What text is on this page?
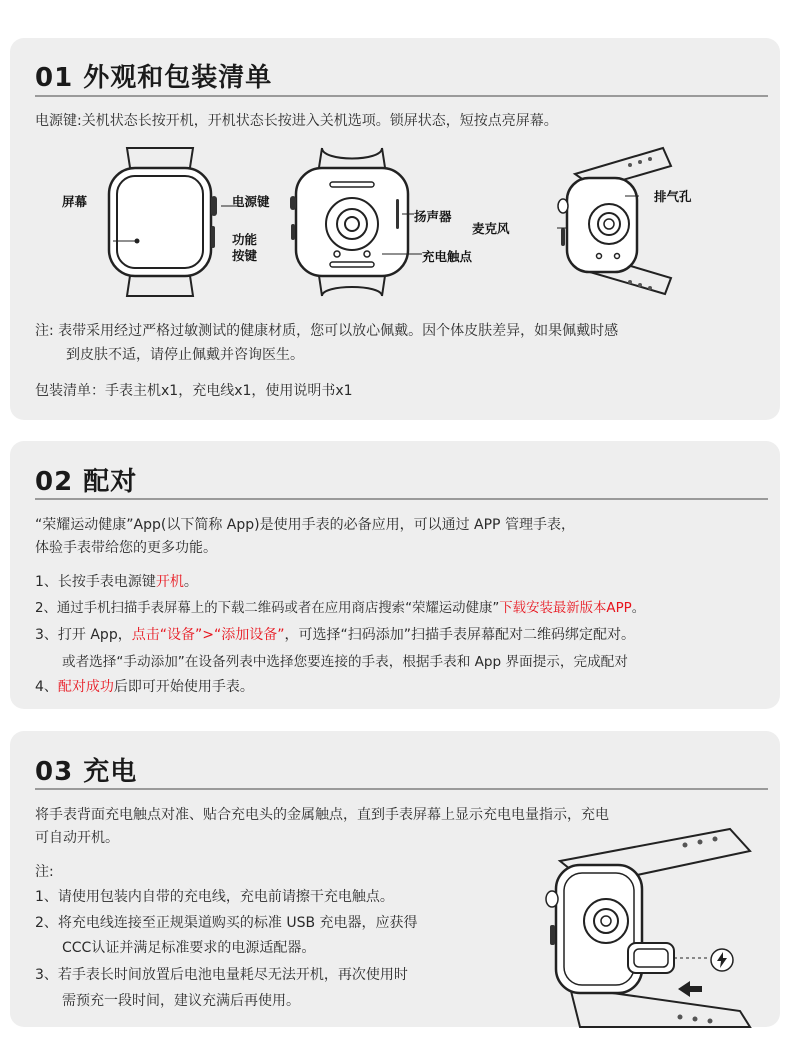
01 外观和包装清单
电源键:关机状态长按开机，开机状态长按进入关机选项。锁屏状态，短按点亮屏幕。
屏幕	电源键
功能
按键
扬声器
充电触点
排气孔
麦克风
注: 表带采用经过严格过敏测试的健康材质，您可以放心佩戴。因个体皮肤差异，如果佩戴时感
到皮肤不适，请停止佩戴并咨询医生。
包装清单：手表主机x1，充电线x1，使用说明书x1
02 配对
“荣耀运动健康”App(以下简称 App)是使用手表的必备应用，可以通过 APP 管理手表，
体验手表带给您的更多功能。
1、长按手表电源键开机。
2、通过手机扫描手表屏幕上的下载二维码或者在应用商店搜索“荣耀运动健康”下载安装最新版本APP。
3、打开 App，点击“设备”>“添加设备”，可选择“扫码添加”扫描手表屏幕配对二维码绑定配对。
或者选择“手动添加”在设备列表中选择您要连接的手表，根据手表和 App 界面提示，完成配对
4、配对成功后即可开始使用手表。
03 充电
将手表背面充电触点对准、贴合充电头的金属触点，直到手表屏幕上显示充电电量指示，充电
可自动开机。
注:
1、请使用包装内自带的充电线，充电前请擦干充电触点。
2、将充电线连接至正规渠道购买的标准 USB 充电器，应获得
CCC认证并满足标准要求的电源适配器。
3、若手表长时间放置后电池电量耗尽无法开机，再次使用时
需预充一段时间，建议充满后再使用。
